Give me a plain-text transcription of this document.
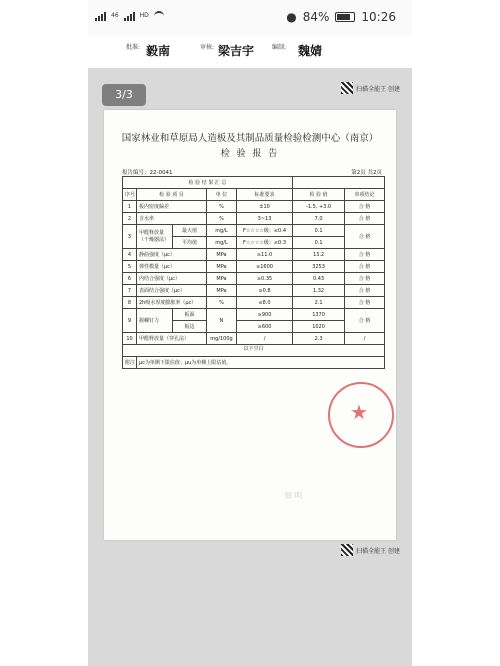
46	HD	● 84%	10:26
批准: 毅南	审核: 梁吉宇	编制: 魏婧
3/3	扫描全能王 创建
国家林业和草原局人造板及其制品质量检验检测中心（南京）
检 验 报 告
报告编号：22-0041	第2页 共2页
检 验 结 果 汇 总						
序号	检 验 项 目		单 位	标准要求	检 验 值	单项结论
1	板内密度偏差		%	±10	-1.5, +3.0	合 格
2	含水率		%	3~13	7.0	合 格
3	甲醛释放量（干燥器法）	最大值	mg/L	F☆☆☆☆级：≤0.4	0.1	合 格
		平均值	mg/L	F☆☆☆☆级：≤0.3	0.1	
4	静曲强度（μc）		MPa	≥11.0	13.2	合 格
5	弹性模量（μc）		MPa	≥1600	3253	合 格
6	内结合强度（μc）		MPa	≥0.35	0.43	合 格
7	表面结合强度（μc）		MPa	≥0.8	1.32	合 格
8	2h吸水厚度膨胀率（μc）		%	≤8.0	2.1	合 格
9	握螺钉力	板面	N	≥900	1370	合 格
		板边		≥600	1020	
10	甲醛释放量（穿孔法）		mg/100g	/	2.3	/
以下空白						
附注	μc为单侧下限估值；μu为单侧上限估值。					
★
加 叫
扫描全能王 创建
